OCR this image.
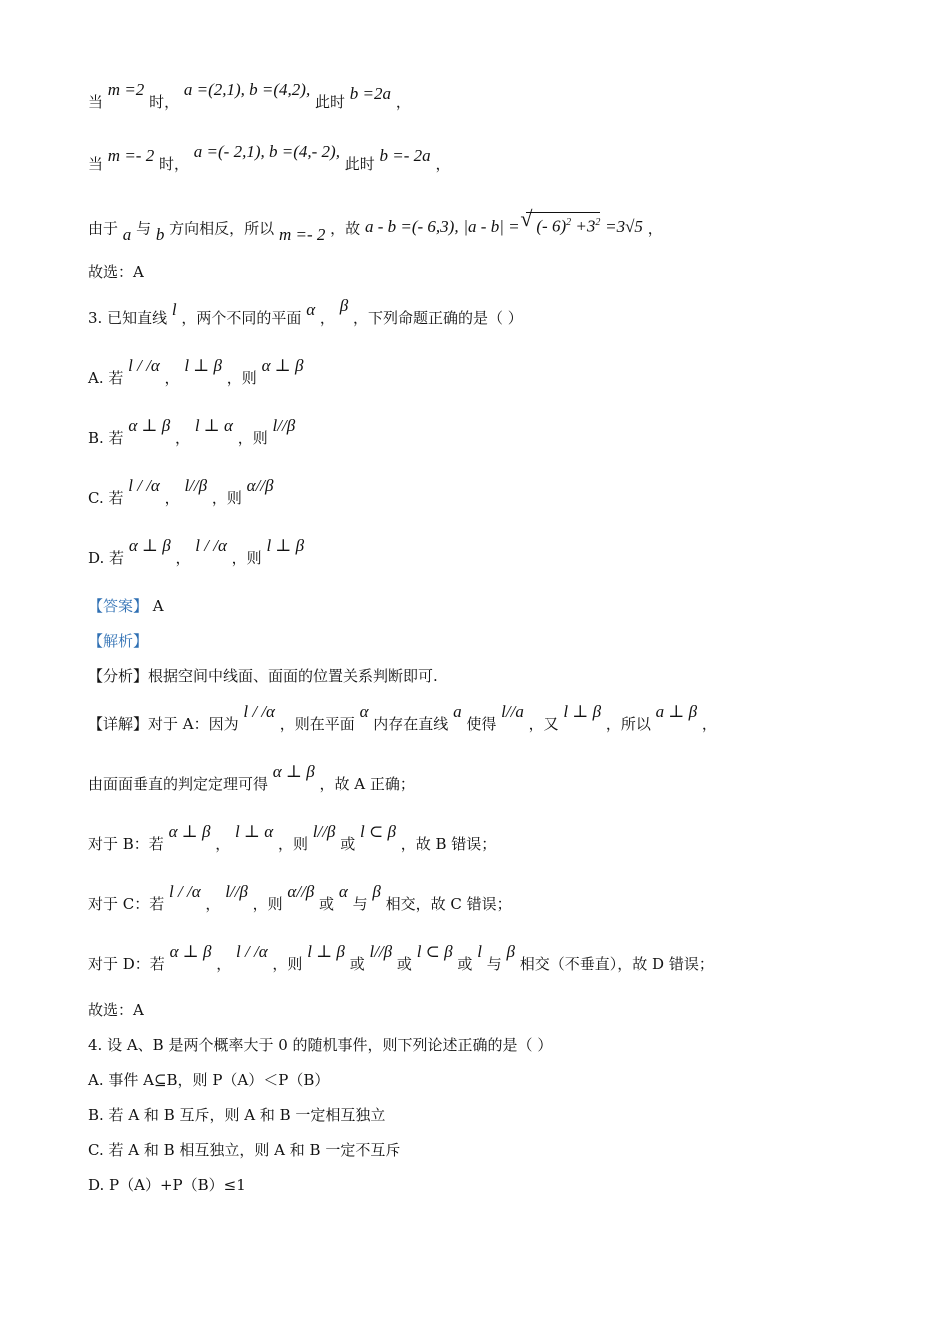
当 m =2 时， a =(2,1), b =(4,2), 此时 b =2a ，
当 m =- 2 时， a =(- 2,1), b =(4,- 2), 此时 b =- 2a ，
由于 a 与 b 方向相反，所以 m =- 2 ，故 a - b =(- 6,3), |a - b| = √ (- $6)^2 +3^2 =3√5$ ，
故选：A
3. 已知直线 l ，两个不同的平面 α ， β ，下列命题正确的是（ ）
A. 若 l / /α ， l ⊥ β ，则 α ⊥ β
B. 若 α ⊥ β ， l ⊥ α ，则 l//β
C. 若 l / /α ， l//β ，则 α//β
D. 若 α ⊥ β ， l / /α ，则 l ⊥ β
【答案】 A
【解析】
【分析】根据空间中线面、面面的位置关系判断即可.
【详解】对于 A：因为 l / /α ，则在平面 α 内存在直线 a 使得 l//a ，又 l ⊥ β ，所以 a ⊥ β ，
由面面垂直的判定定理可得 α ⊥ β ，故 A 正确；
对于 B：若 α ⊥ β ， l ⊥ α ，则 l//β 或 l ⊂ β ，故 B 错误；
对于 C：若 l / /α ， l//β ，则 α//β 或 α 与 β 相交，故 C 错误；
对于 D：若 α ⊥ β ， l / /α ，则 l ⊥ β 或 l//β 或 l ⊂ β 或 l 与 β 相交（不垂直），故 D 错误；
故选：A
4. 设 A、B 是两个概率大于 0 的随机事件，则下列论述正确的是（ ）
A. 事件 A⊆B，则 P（A）＜P（B）
B. 若 A 和 B 互斥，则 A 和 B 一定相互独立
C. 若 A 和 B 相互独立，则 A 和 B 一定不互斥
D. P（A）+P（B）≤1
